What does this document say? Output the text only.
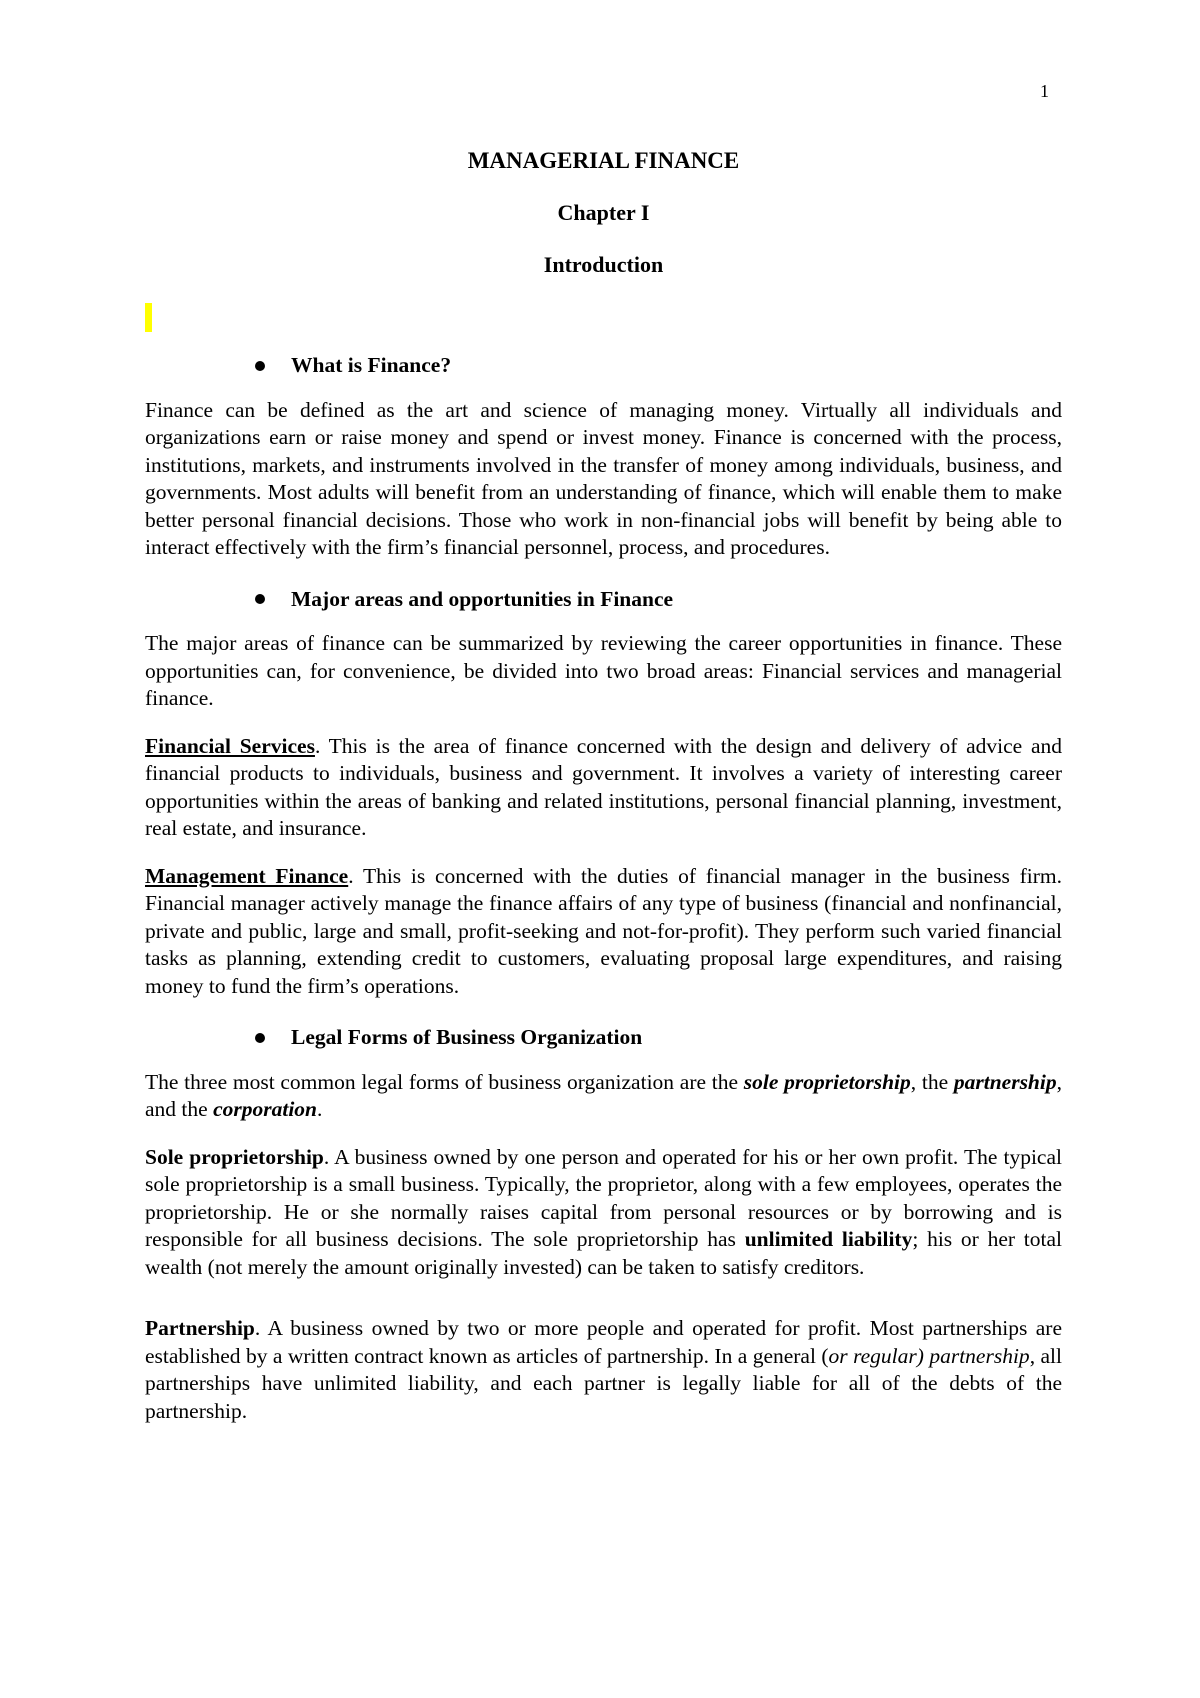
1
MANAGERIAL FINANCE
Chapter I
Introduction
What is Finance?

Finance can be defined as the art and science of managing money. Virtually all individuals and organizations earn or raise money and spend or invest money. Finance is concerned with the process, institutions, markets, and instruments involved in the transfer of money among individuals, business, and governments. Most adults will benefit from an understanding of finance, which will enable them to make better personal financial decisions. Those who work in non-financial jobs will benefit by being able to interact effectively with the firm’s financial personnel, process, and procedures.

Major areas and opportunities in Finance

The major areas of finance can be summarized by reviewing the career opportunities in finance. These opportunities can, for convenience, be divided into two broad areas: Financial services and managerial finance.

Financial Services. This is the area of finance concerned with the design and delivery of advice and financial products to individuals, business and government. It involves a variety of interesting career opportunities within the areas of banking and related institutions, personal financial planning, investment, real estate, and insurance.

Management Finance. This is concerned with the duties of financial manager in the business firm. Financial manager actively manage the finance affairs of any type of business (financial and nonfinancial, private and public, large and small, profit-seeking and not-for-profit). They perform such varied financial tasks as planning, extending credit to customers, evaluating proposal large expenditures, and raising money to fund the firm’s operations.

Legal Forms of Business Organization

The three most common legal forms of business organization are the sole proprietorship, the partnership, and the corporation.

Sole proprietorship. A business owned by one person and operated for his or her own profit. The typical sole proprietorship is a small business. Typically, the proprietor, along with a few employees, operates the proprietorship. He or she normally raises capital from personal resources or by borrowing and is responsible for all business decisions. The sole proprietorship has unlimited liability; his or her total wealth (not merely the amount originally invested) can be taken to satisfy creditors.

Partnership. A business owned by two or more people and operated for profit. Most partnerships are established by a written contract known as articles of partnership. In a general (or regular) partnership, all partnerships have unlimited liability, and each partner is legally liable for all of the debts of the partnership.
